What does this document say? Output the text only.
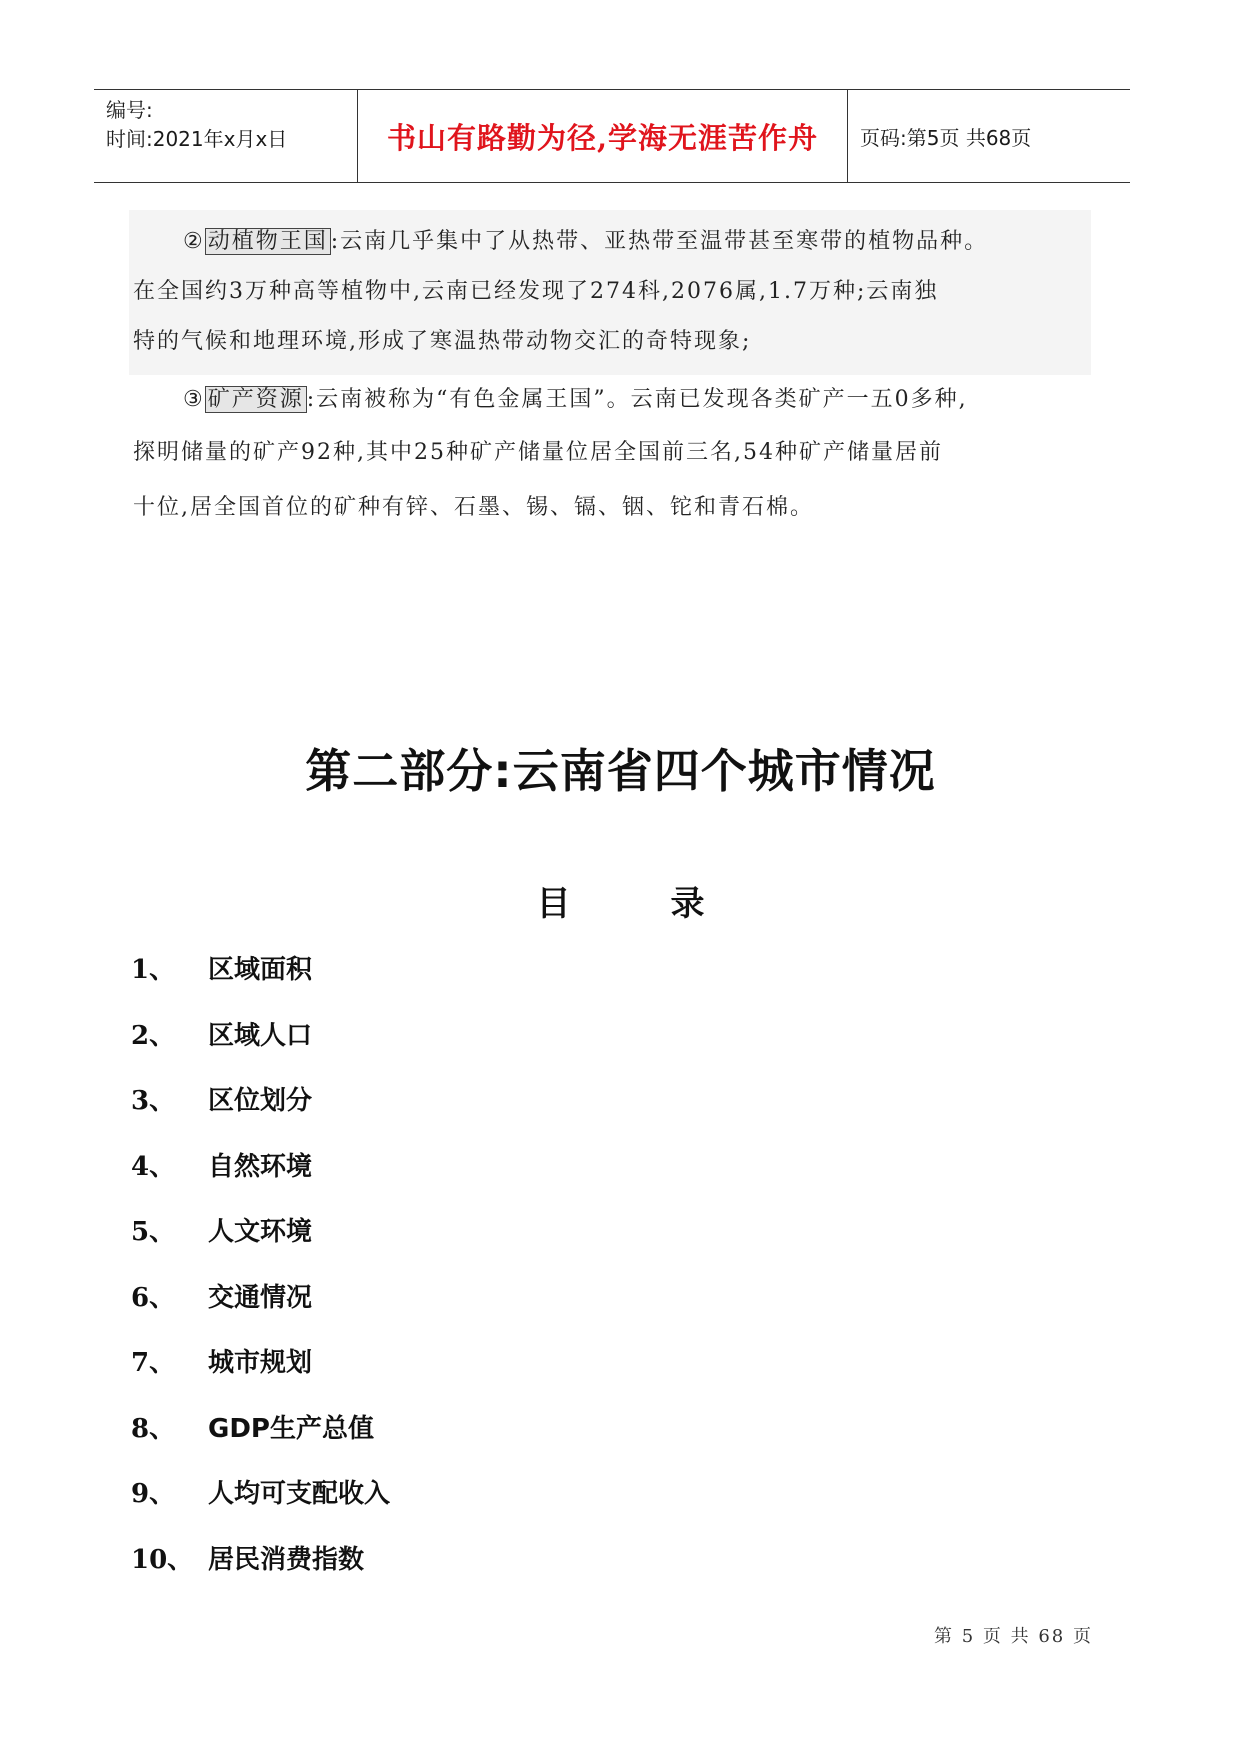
编号:
时间:2021年x月x日	书山有路勤为径,学海无涯苦作舟	页码:第5页 共68页
② 动植物王国 :云南几乎集中了从热带、亚热带至温带甚至寒带的植物品种。
在全国约3万种高等植物中,云南已经发现了274科,2076属,1.7万种;云南独
特的气候和地理环境,形成了寒温热带动物交汇的奇特现象;
③ 矿产资源 :云南被称为“有色金属王国”。云南已发现各类矿产一五0多种,
探明储量的矿产92种,其中25种矿产储量位居全国前三名,54种矿产储量居前
十位,居全国首位的矿种有锌、石墨、锡、镉、铟、铊和青石棉。
第二部分:云南省四个城市情况
目	录
1、	区域面积
2、	区域人口
3、	区位划分
4、	自然环境
5、	人文环境
6、	交通情况
7、	城市规划
8、	GDP生产总值
9、	人均可支配收入
10、 居民消费指数
第 5 页 共 68 页
